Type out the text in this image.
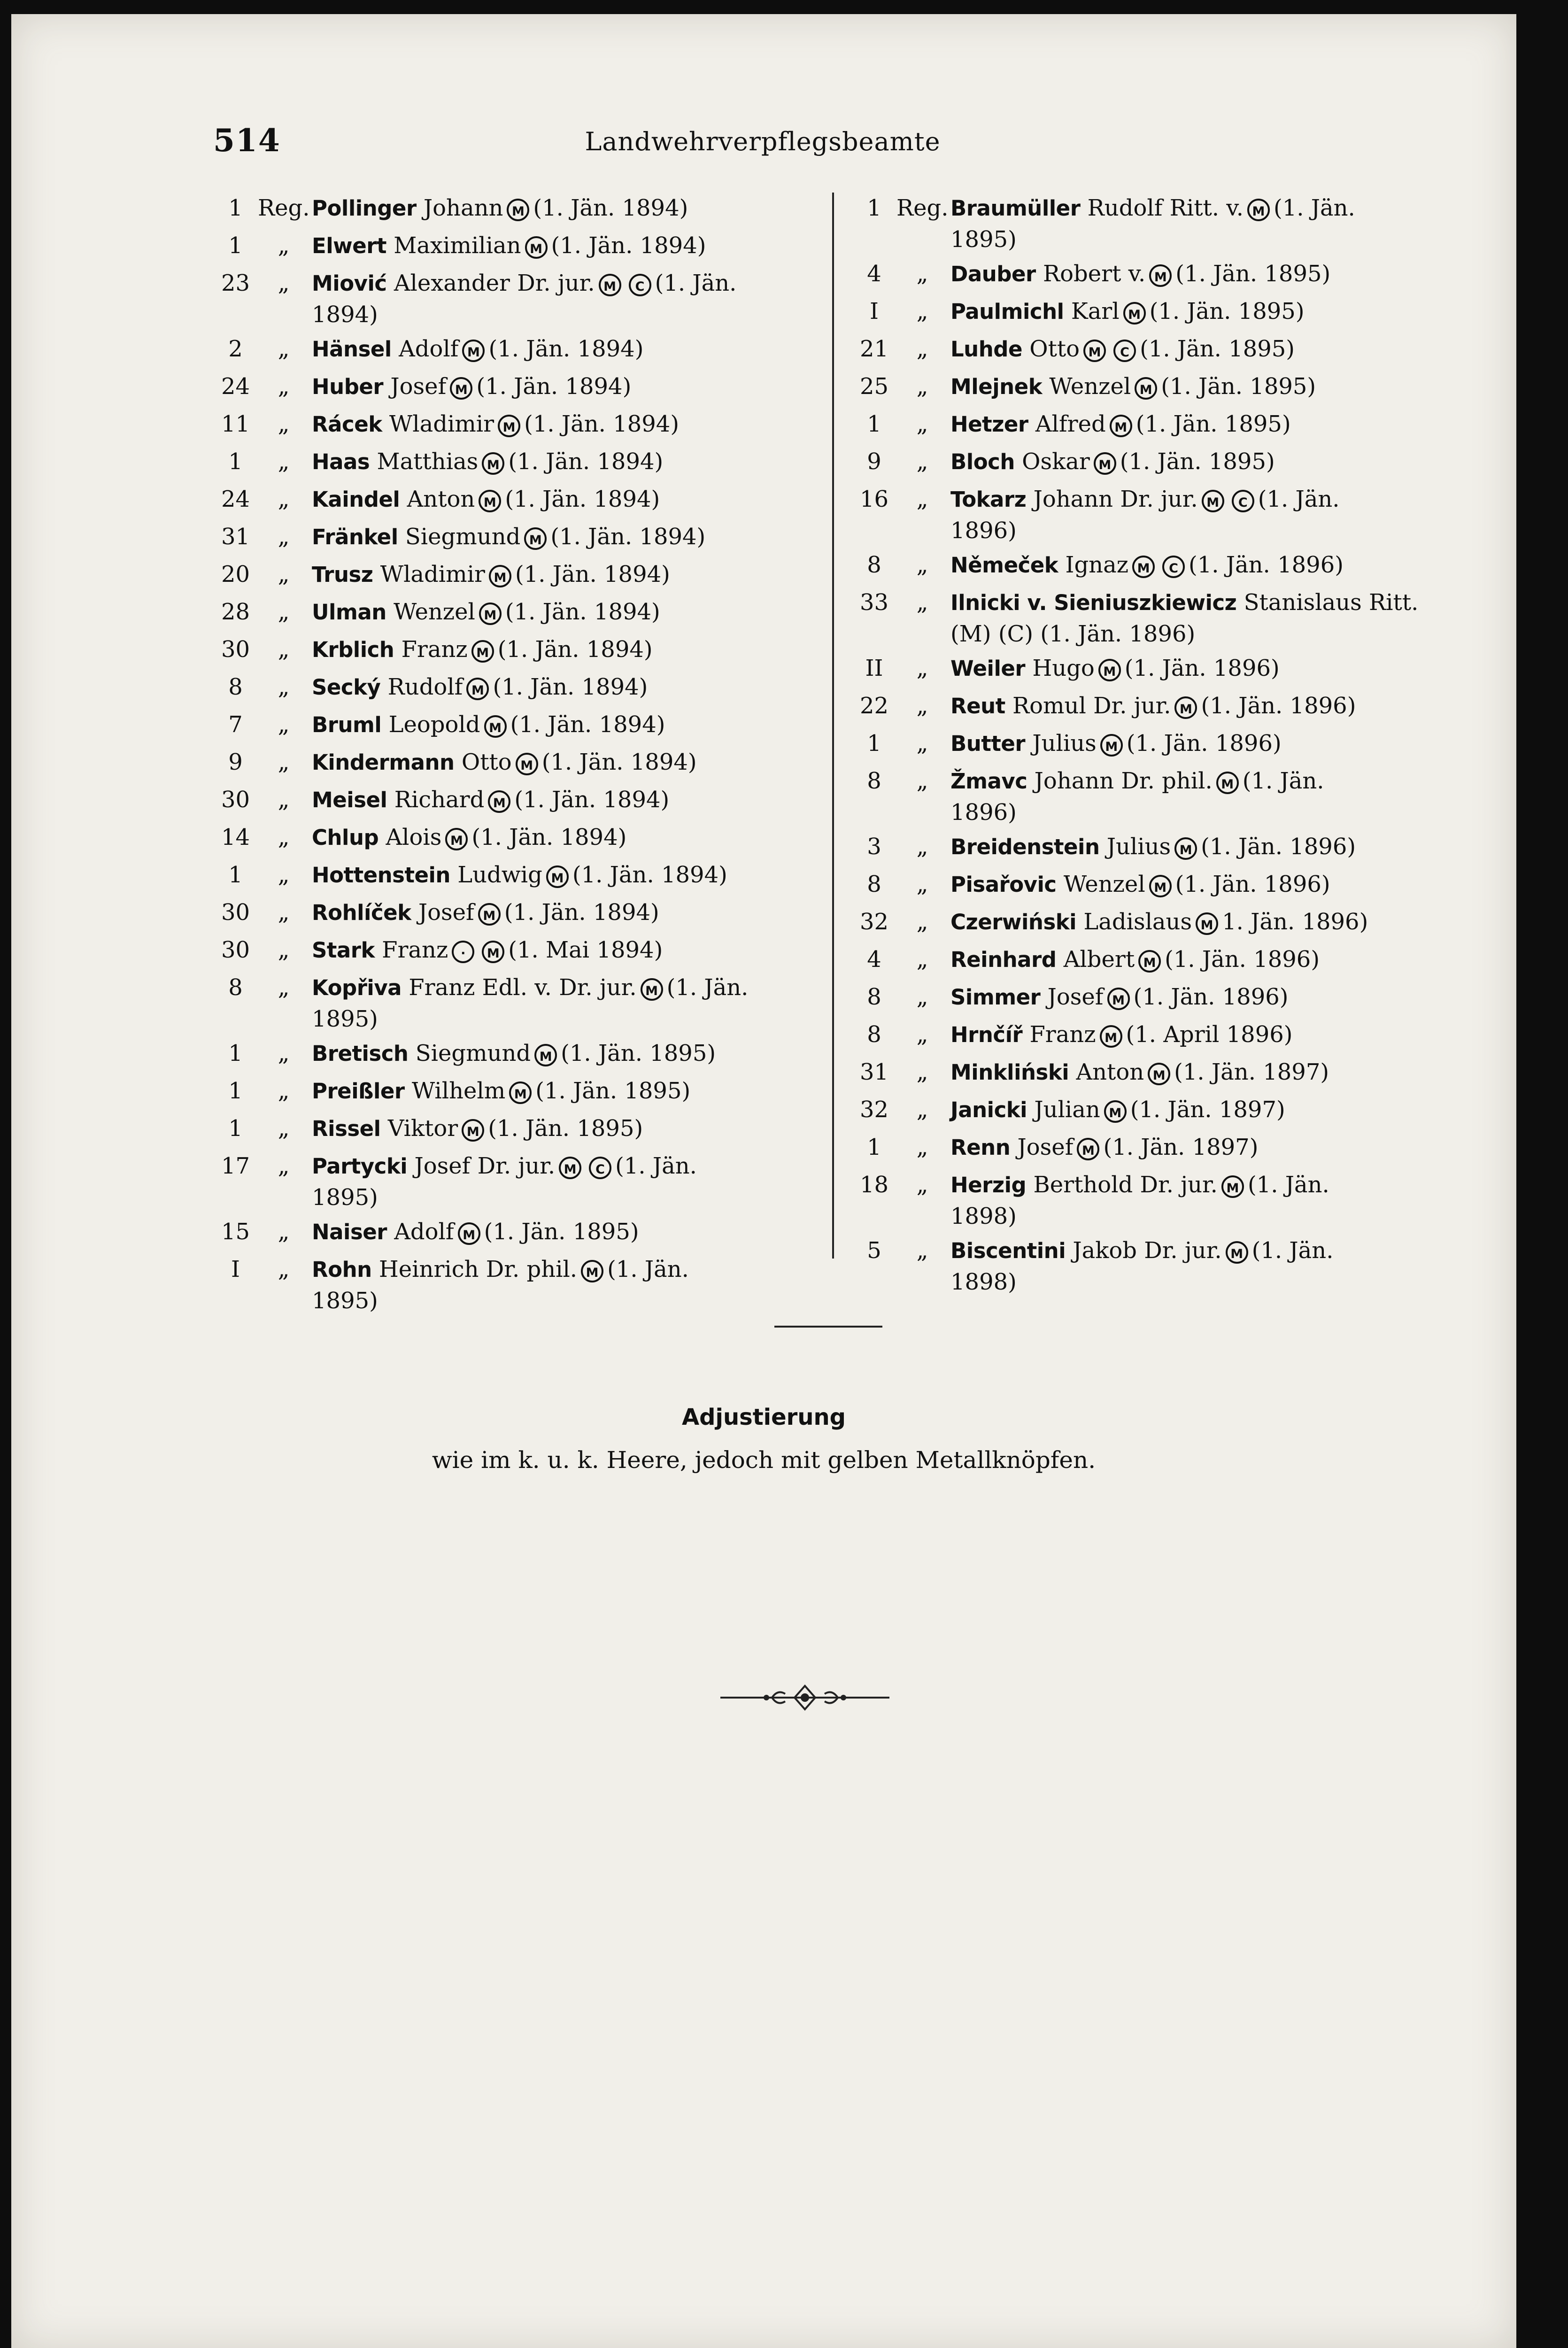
514	Landwehrverpflegsbeamte
1 Reg. Pollinger Johann M (1. Jän. 1894)
1	„	Elwert Maximilian M (1. Jän. 1894)
23	„	Miović Alexander Dr. jur. M C (1. Jän.
1894)
2	„	Hänsel Adolf M (1. Jän. 1894)
24	„	Huber Josef M (1. Jän. 1894)
11	„	Rácek Wladimir M (1. Jän. 1894)
1	„	Haas Matthias M (1. Jän. 1894)
24	„	Kaindel Anton M (1. Jän. 1894)
31	„	Fränkel Siegmund M (1. Jän. 1894)
20	„	Trusz Wladimir M (1. Jän. 1894)
28	„	Ulman Wenzel M (1. Jän. 1894)
30	„	Krblich Franz M (1. Jän. 1894)
8	„	Secký Rudolf M (1. Jän. 1894)
7	„	Bruml Leopold M (1. Jän. 1894)
9	„	Kindermann Otto M (1. Jän. 1894)
30	„	Meisel Richard M (1. Jän. 1894)
14	„	Chlup Alois M (1. Jän. 1894)
1	„	Hottenstein Ludwig M (1. Jän. 1894)
30	„	Rohlíček Josef M (1. Jän. 1894)
30	„	Stark Franz · M (1. Mai 1894)
8	„	Kopřiva Franz Edl. v. Dr. jur. M (1. Jän.
1895)
1	„	Bretisch Siegmund M (1. Jän. 1895)
1	„	Preißler Wilhelm M (1. Jän. 1895)
1	„	Rissel Viktor M (1. Jän. 1895)
17	„	Partycki Josef Dr. jur. M C (1. Jän.
1895)
15	„	Naiser Adolf M (1. Jän. 1895)
I	„	Rohn Heinrich Dr. phil. M (1. Jän.
1895)
1 Reg. Braumüller Rudolf Ritt. v. M (1. Jän.
1895)
4	„	Dauber Robert v. M (1. Jän. 1895)
I	„	Paulmichl Karl M (1. Jän. 1895)
21	„	Luhde Otto M C (1. Jän. 1895)
25	„	Mlejnek Wenzel M (1. Jän. 1895)
1	„	Hetzer Alfred M (1. Jän. 1895)
9	„	Bloch Oskar M (1. Jän. 1895)
16	„	Tokarz Johann Dr. jur. M C (1. Jän.
1896)
8	„	Němeček Ignaz M C (1. Jän. 1896)
33	„	Ilnicki v. Sieniuszkiewicz Stanislaus Ritt.
(M) (C) (1. Jän. 1896)
II	„	Weiler Hugo M (1. Jän. 1896)
22	„	Reut Romul Dr. jur. M (1. Jän. 1896)
1	„	Butter Julius M (1. Jän. 1896)
8	„	Žmavc Johann Dr. phil. M (1. Jän.
1896)
3	„	Breidenstein Julius M (1. Jän. 1896)
8	„	Pisařovic Wenzel M (1. Jän. 1896)
32	„	Czerwiński Ladislaus M 1. Jän. 1896)
4	„	Reinhard Albert M (1. Jän. 1896)
8	„	Simmer Josef M (1. Jän. 1896)
8	„	Hrnčíř Franz M (1. April 1896)
31	„	Minkliński Anton M (1. Jän. 1897)
32	„	Janicki Julian M (1. Jän. 1897)
1	„	Renn Josef M (1. Jän. 1897)
18	„	Herzig Berthold Dr. jur. M (1. Jän.
1898)
5	„	Biscentini Jakob Dr. jur. M (1. Jän.
1898)
Adjustierung
wie im k. u. k. Heere, jedoch mit gelben Metallknöpfen.
